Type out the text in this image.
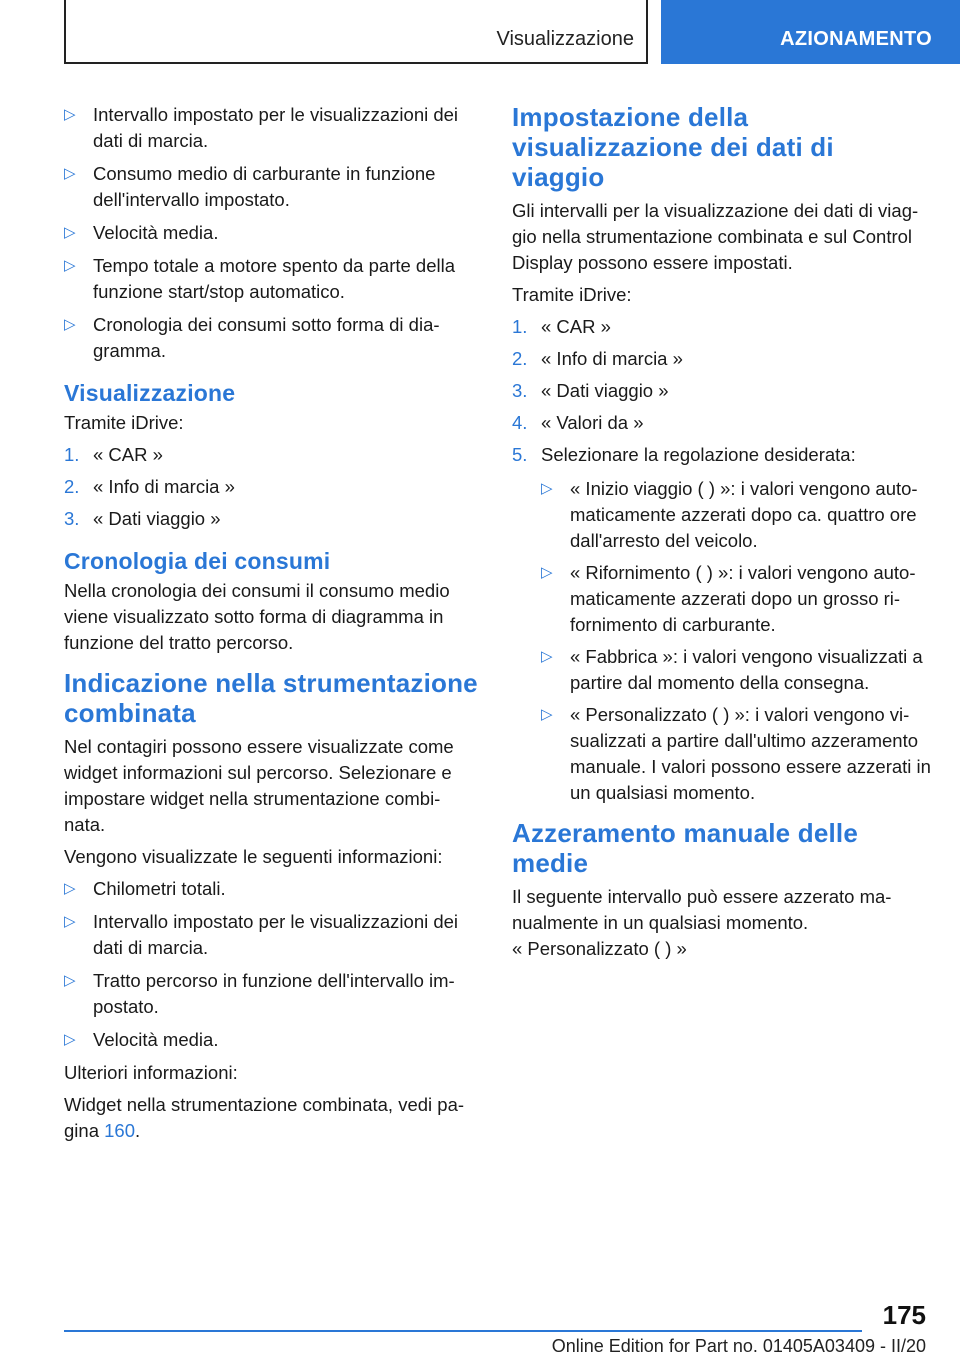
Visualizzazione	AZIONAMENTO
▷ Intervallo impostato per le visualizzazioni dei dati di marcia.
▷ Consumo medio di carburante in funzione dell'intervallo impostato.
▷ Velocità media.
▷ Tempo totale a motore spento da parte della funzione start/stop automatico.
▷ Cronologia dei consumi sotto forma di dia-gramma.
Visualizzazione

Tramite iDrive:

1. « CAR »
2. « Info di marcia »
3. « Dati viaggio »
Cronologia dei consumi

Nella cronologia dei consumi il consumo medio viene visualizzato sotto forma di diagramma in funzione del tratto percorso.

Indicazione nella strumentazione combinata

Nel contagiri possono essere visualizzate come widget informazioni sul percorso. Selezionare e impostare widget nella strumentazione combi-nata.

Vengono visualizzate le seguenti informazioni:

▷ Chilometri totali.
▷ Intervallo impostato per le visualizzazioni dei dati di marcia.
▷ Tratto percorso in funzione dell'intervallo im-postato.
▷ Velocità media.

Ulteriori informazioni:

Widget nella strumentazione combinata, vedi pa-gina 160.

Impostazione della visualizzazione dei dati di viaggio

Gli intervalli per la visualizzazione dei dati di viag-gio nella strumentazione combinata e sul Control Display possono essere impostati.

Tramite iDrive:

1. « CAR »
2. « Info di marcia »
3. « Dati viaggio »
4. « Valori da »
5. Selezionare la regolazione desiderata:
▷ « Inizio viaggio ( ) »: i valori vengono auto-maticamente azzerati dopo ca. quattro ore dall'arresto del veicolo.
▷ « Rifornimento ( ) »: i valori vengono auto-maticamente azzerati dopo un grosso ri-fornimento di carburante.
▷ « Fabbrica »: i valori vengono visualizzati a partire dal momento della consegna.
▷ « Personalizzato ( ) »: i valori vengono vi-sualizzati a partire dall'ultimo azzeramento manuale. I valori possono essere azzerati in un qualsiasi momento.
Azzeramento manuale delle medie

Il seguente intervallo può essere azzerato ma-nualmente in un qualsiasi momento.
« Personalizzato ( ) »

175
Online Edition for Part no. 01405A03409 - II/20
